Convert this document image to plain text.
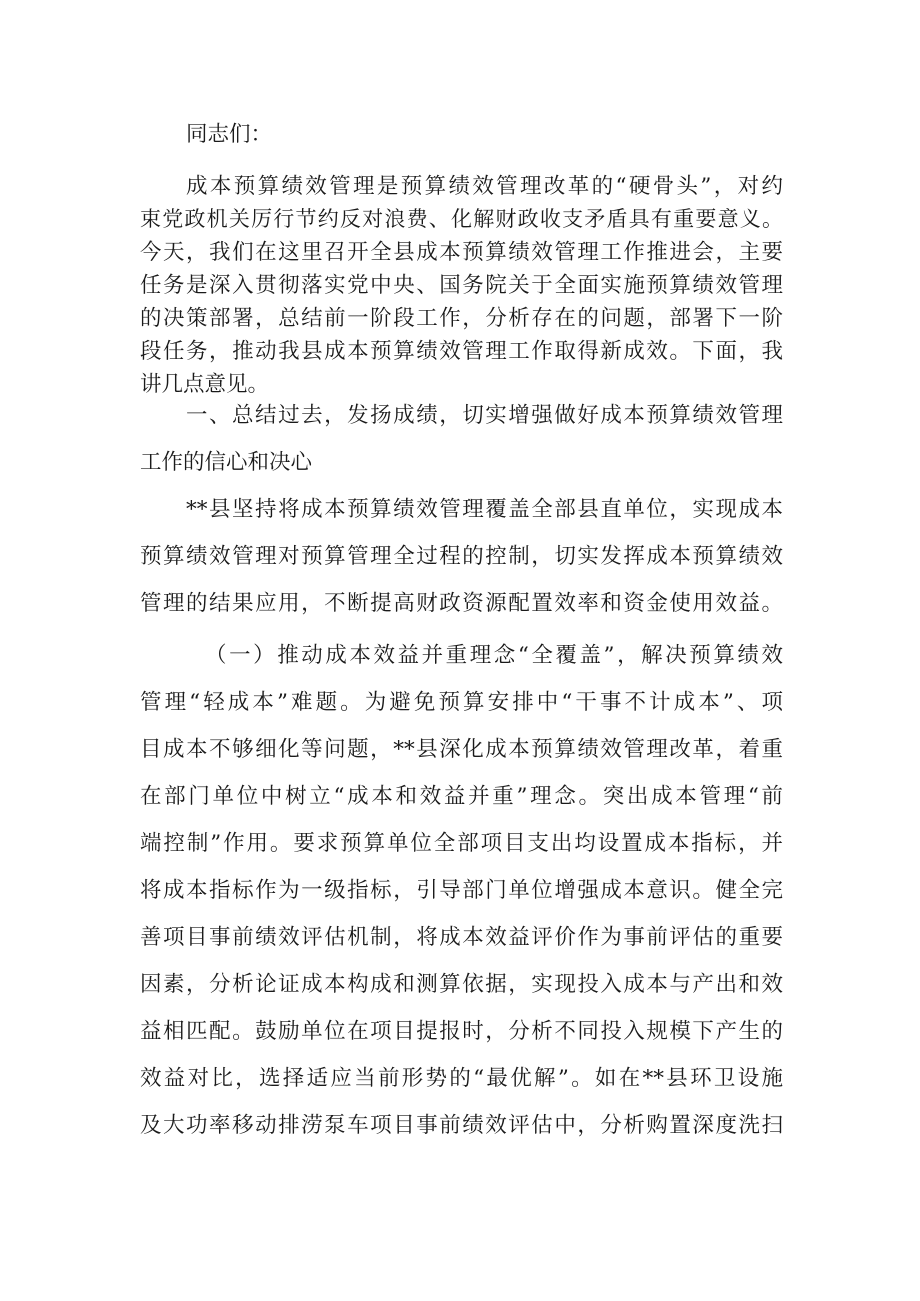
同志们：

成本预算绩效管理是预算绩效管理改革的“硬骨头”，对约

束党政机关厉行节约反对浪费、化解财政收支矛盾具有重要意义。

今天，我们在这里召开全县成本预算绩效管理工作推进会，主要

任务是深入贯彻落实党中央、国务院关于全面实施预算绩效管理

的决策部署，总结前一阶段工作，分析存在的问题，部署下一阶

段任务，推动我县成本预算绩效管理工作取得新成效。下面，我

讲几点意见。

一、总结过去，发扬成绩，切实增强做好成本预算绩效管理

工作的信心和决心

**县坚持将成本预算绩效管理覆盖全部县直单位，实现成本

预算绩效管理对预算管理全过程的控制，切实发挥成本预算绩效

管理的结果应用，不断提高财政资源配置效率和资金使用效益。

（一）推动成本效益并重理念“全覆盖”，解决预算绩效

管理“轻成本”难题。为避免预算安排中“干事不计成本”、项

目成本不够细化等问题，**县深化成本预算绩效管理改革，着重

在部门单位中树立“成本和效益并重”理念。突出成本管理“前

端控制”作用。要求预算单位全部项目支出均设置成本指标，并

将成本指标作为一级指标，引导部门单位增强成本意识。健全完

善项目事前绩效评估机制，将成本效益评价作为事前评估的重要

因素，分析论证成本构成和测算依据，实现投入成本与产出和效

益相匹配。鼓励单位在项目提报时，分析不同投入规模下产生的

效益对比，选择适应当前形势的“最优解”。如在**县环卫设施

及大功率移动排涝泵车项目事前绩效评估中，分析购置深度洗扫
